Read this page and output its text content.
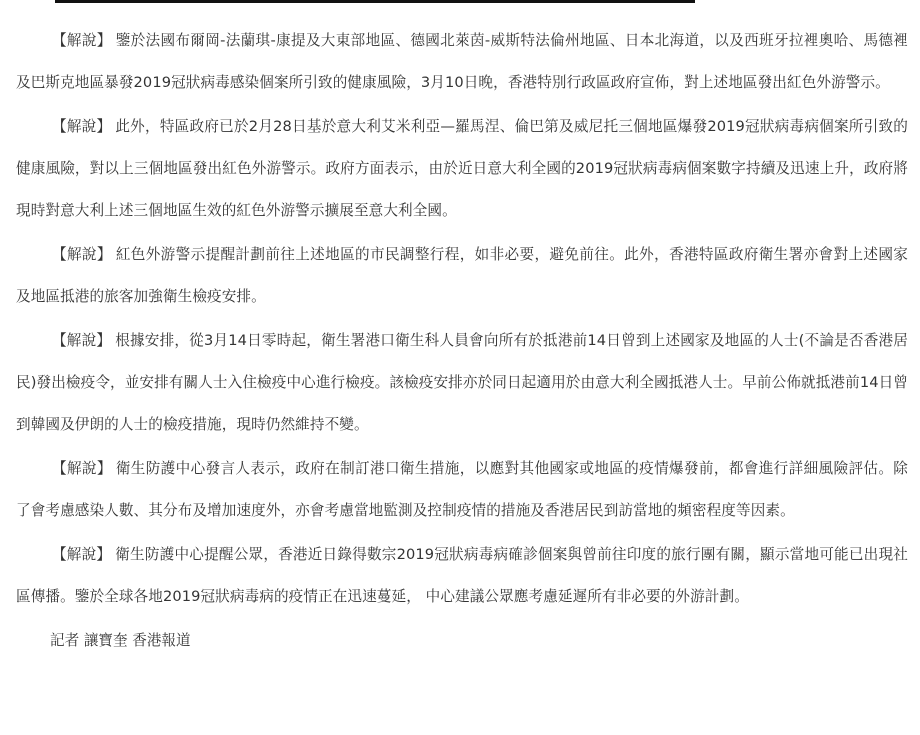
【解說】 鑒於法國布爾岡-法蘭琪-康提及大東部地區、德國北萊茵-威斯特法倫州地區、日本北海道，以及西班牙拉裡奧哈、馬德裡及巴斯克地區暴發2019冠狀病毒感染個案所引致的健康風險，3月10日晚，香港特別行政區政府宣佈，對上述地區發出紅色外游警示。

【解說】 此外，特區政府已於2月28日基於意大利艾米利亞—羅馬涅、倫巴第及威尼托三個地區爆發2019冠狀病毒病個案所引致的健康風險，對以上三個地區發出紅色外游警示。政府方面表示，由於近日意大利全國的2019冠狀病毒病個案數字持續及迅速上升，政府將現時對意大利上述三個地區生效的紅色外游警示擴展至意大利全國。

【解說】 紅色外游警示提醒計劃前往上述地區的市民調整行程，如非必要，避免前往。此外，香港特區政府衛生署亦會對上述國家及地區抵港的旅客加強衛生檢疫安排。

【解說】 根據安排，從3月14日零時起，衛生署港口衛生科人員會向所有於抵港前14日曾到上述國家及地區的人士(不論是否香港居民)發出檢疫令，並安排有關人士入住檢疫中心進行檢疫。該檢疫安排亦於同日起適用於由意大利全國抵港人士。早前公佈就抵港前14日曾到韓國及伊朗的人士的檢疫措施，現時仍然維持不變。

【解說】 衛生防護中心發言人表示，政府在制訂港口衛生措施，以應對其他國家或地區的疫情爆發前，都會進行詳細風險評估。除了會考慮感染人數、其分布及增加速度外，亦會考慮當地監測及控制疫情的措施及香港居民到訪當地的頻密程度等因素。

【解說】 衛生防護中心提醒公眾，香港近日錄得數宗2019冠狀病毒病確診個案與曾前往印度的旅行團有關，顯示當地可能已出現社區傳播。鑒於全球各地2019冠狀病毒病的疫情正在迅速蔓延， 中心建議公眾應考慮延遲所有非必要的外游計劃。

記者 讓寶奎 香港報道
